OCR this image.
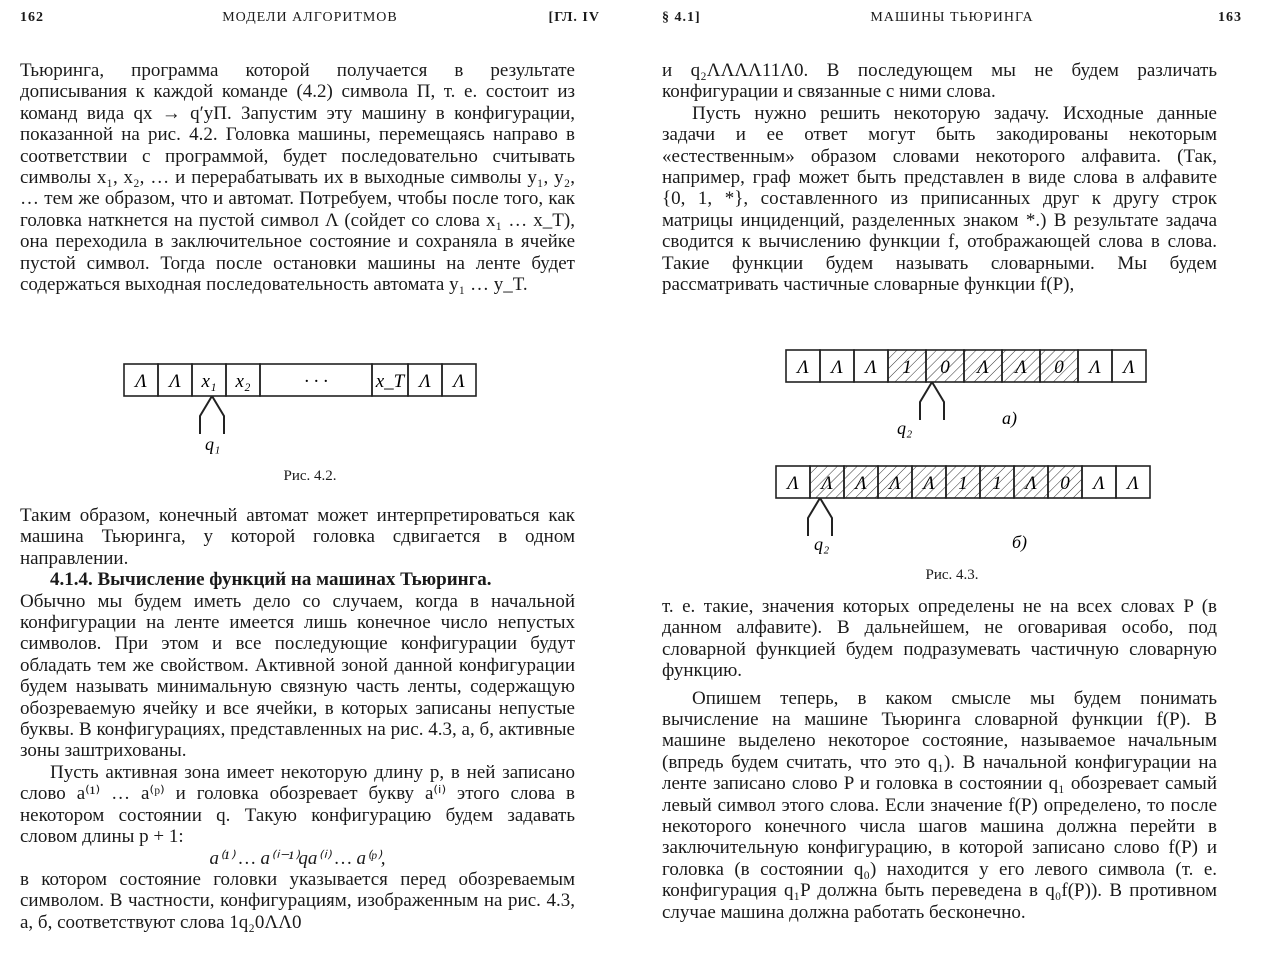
162	МОДЕЛИ АЛГОРИТМОВ	[ГЛ. IV

Тьюринга, программа которой получается в результате дописывания к каждой команде (4.2) символа П, т. е. состоит из команд вида qx → q′yП. Запустим эту машину в конфигурации, показанной на рис. 4.2. Головка машины, перемещаясь направо в соответствии с программой, будет последовательно считывать символы x₁, x₂, … и перерабатывать их в выходные символы y₁, y₂, … тем же образом, что и автомат. Потребуем, чтобы после того, как головка наткнется на пустой символ Λ (сойдет со слова x₁ … x_T), она переходила в заключительное состояние и сохраняла в ячейке пустой символ. Тогда после остановки машины на ленте будет содержаться выходная последовательность автомата y₁ … y_T.

Λ Λ x₁ x₂	· · ·	x_T Λ Λ
q₁
Рис. 4.2.

Таким образом, конечный автомат может интерпретироваться как машина Тьюринга, у которой головка сдвигается в одном направлении.

4.1.4. Вычисление функций на машинах Тьюринга.

Обычно мы будем иметь дело со случаем, когда в начальной конфигурации на ленте имеется лишь конечное число непустых символов. При этом и все последующие конфигурации будут обладать тем же свойством. Активной зоной данной конфигурации будем называть минимальную связную часть ленты, содержащую обозреваемую ячейку и все ячейки, в которых записаны непустые буквы. В конфигурациях, представленных на рис. 4.3, а, б, активные зоны заштрихованы.

Пусть активная зона имеет некоторую длину p, в ней записано слово a⁽¹⁾ … a⁽ᵖ⁾ и головка обозревает букву a⁽ⁱ⁾ этого слова в некотором состоянии q. Такую конфигурацию будем задавать словом длины p + 1:

a⁽¹⁾ … a⁽ⁱ⁻¹⁾qa⁽ⁱ⁾ … a⁽ᵖ⁾,

в котором состояние головки указывается перед обозреваемым символом. В частности, конфигурациям, изображенным на рис. 4.3, а, б, соответствуют слова 1q₂0ΛΛ0

§ 4.1]	МАШИНЫ ТЬЮРИНГА	163

и q₂ΛΛΛΛ11Λ0. В последующем мы не будем различать конфигурации и связанные с ними слова.

Пусть нужно решить некоторую задачу. Исходные данные задачи и ее ответ могут быть закодированы некоторым «естественным» образом словами некоторого алфавита. (Так, например, граф может быть представлен в виде слова в алфавите {0, 1, *}, составленного из приписанных друг к другу строк матрицы инциденций, разделенных знаком *.) В результате задача сводится к вычислению функции f, отображающей слова в слова. Такие функции будем называть словарными. Мы будем рассматривать частичные словарные функции f(P),

Λ Λ Λ 1 0 Λ Λ 0 Λ Λ
q₂	а)
Λ Λ Λ Λ Λ 1 1 Λ 0 Λ Λ
q₂	б)
Рис. 4.3.

т. е. такие, значения которых определены не на всех словах P (в данном алфавите). В дальнейшем, не оговаривая особо, под словарной функцией будем подразумевать частичную словарную функцию.

Опишем теперь, в каком смысле мы будем понимать вычисление на машине Тьюринга словарной функции f(P). В машине выделено некоторое состояние, называемое начальным (впредь будем считать, что это q₁). В начальной конфигурации на ленте записано слово P и головка в состоянии q₁ обозревает самый левый символ этого слова. Если значение f(P) определено, то после некоторого конечного числа шагов машина должна перейти в заключительную конфигурацию, в которой записано слово f(P) и головка (в состоянии q₀) находится у его левого символа (т. е. конфигурация q₁P должна быть переведена в q₀f(P)). В противном случае машина должна работать бесконечно.
